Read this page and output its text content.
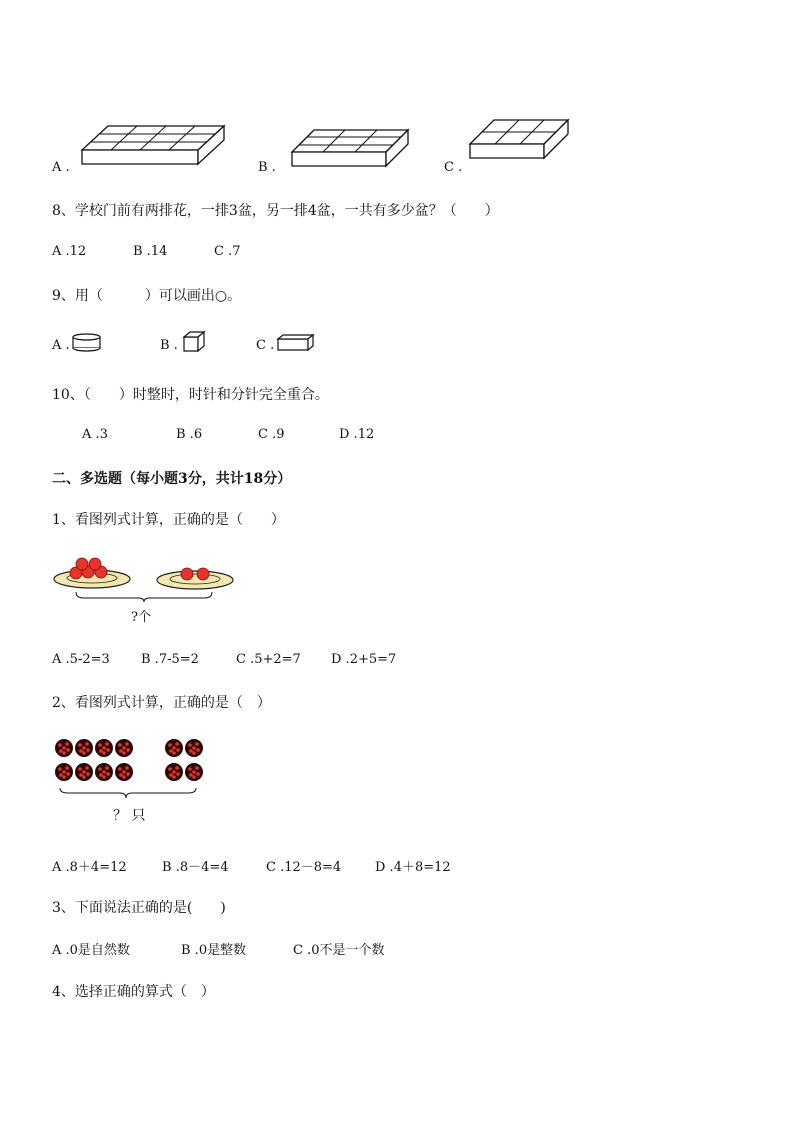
A .	B .	C .
8、学校门前有两排花，一排3盆，另一排4盆，一共有多少盆？（　　）
A .12	B .14	C .7
9、用（　　　）可以画出○。
A .	B .	C .
10、（　　）时整时，时针和分针完全重合。
A .3	B .6	C .9	D .12
二、多选题（每小题3分，共计18分）
1、看图列式计算，正确的是（　　）
?个
A .5-2=3 B .7-5=2	C .5+2=7 D .2+5=7
2、看图列式计算，正确的是（　）
？ 只
A .8＋4=12	B .8－4=4	C .12－8=4	D .4＋8=12
3、下面说法正确的是(　　)
A .0是自然数	B .0是整数	C .0不是一个数
4、选择正确的算式（　）
